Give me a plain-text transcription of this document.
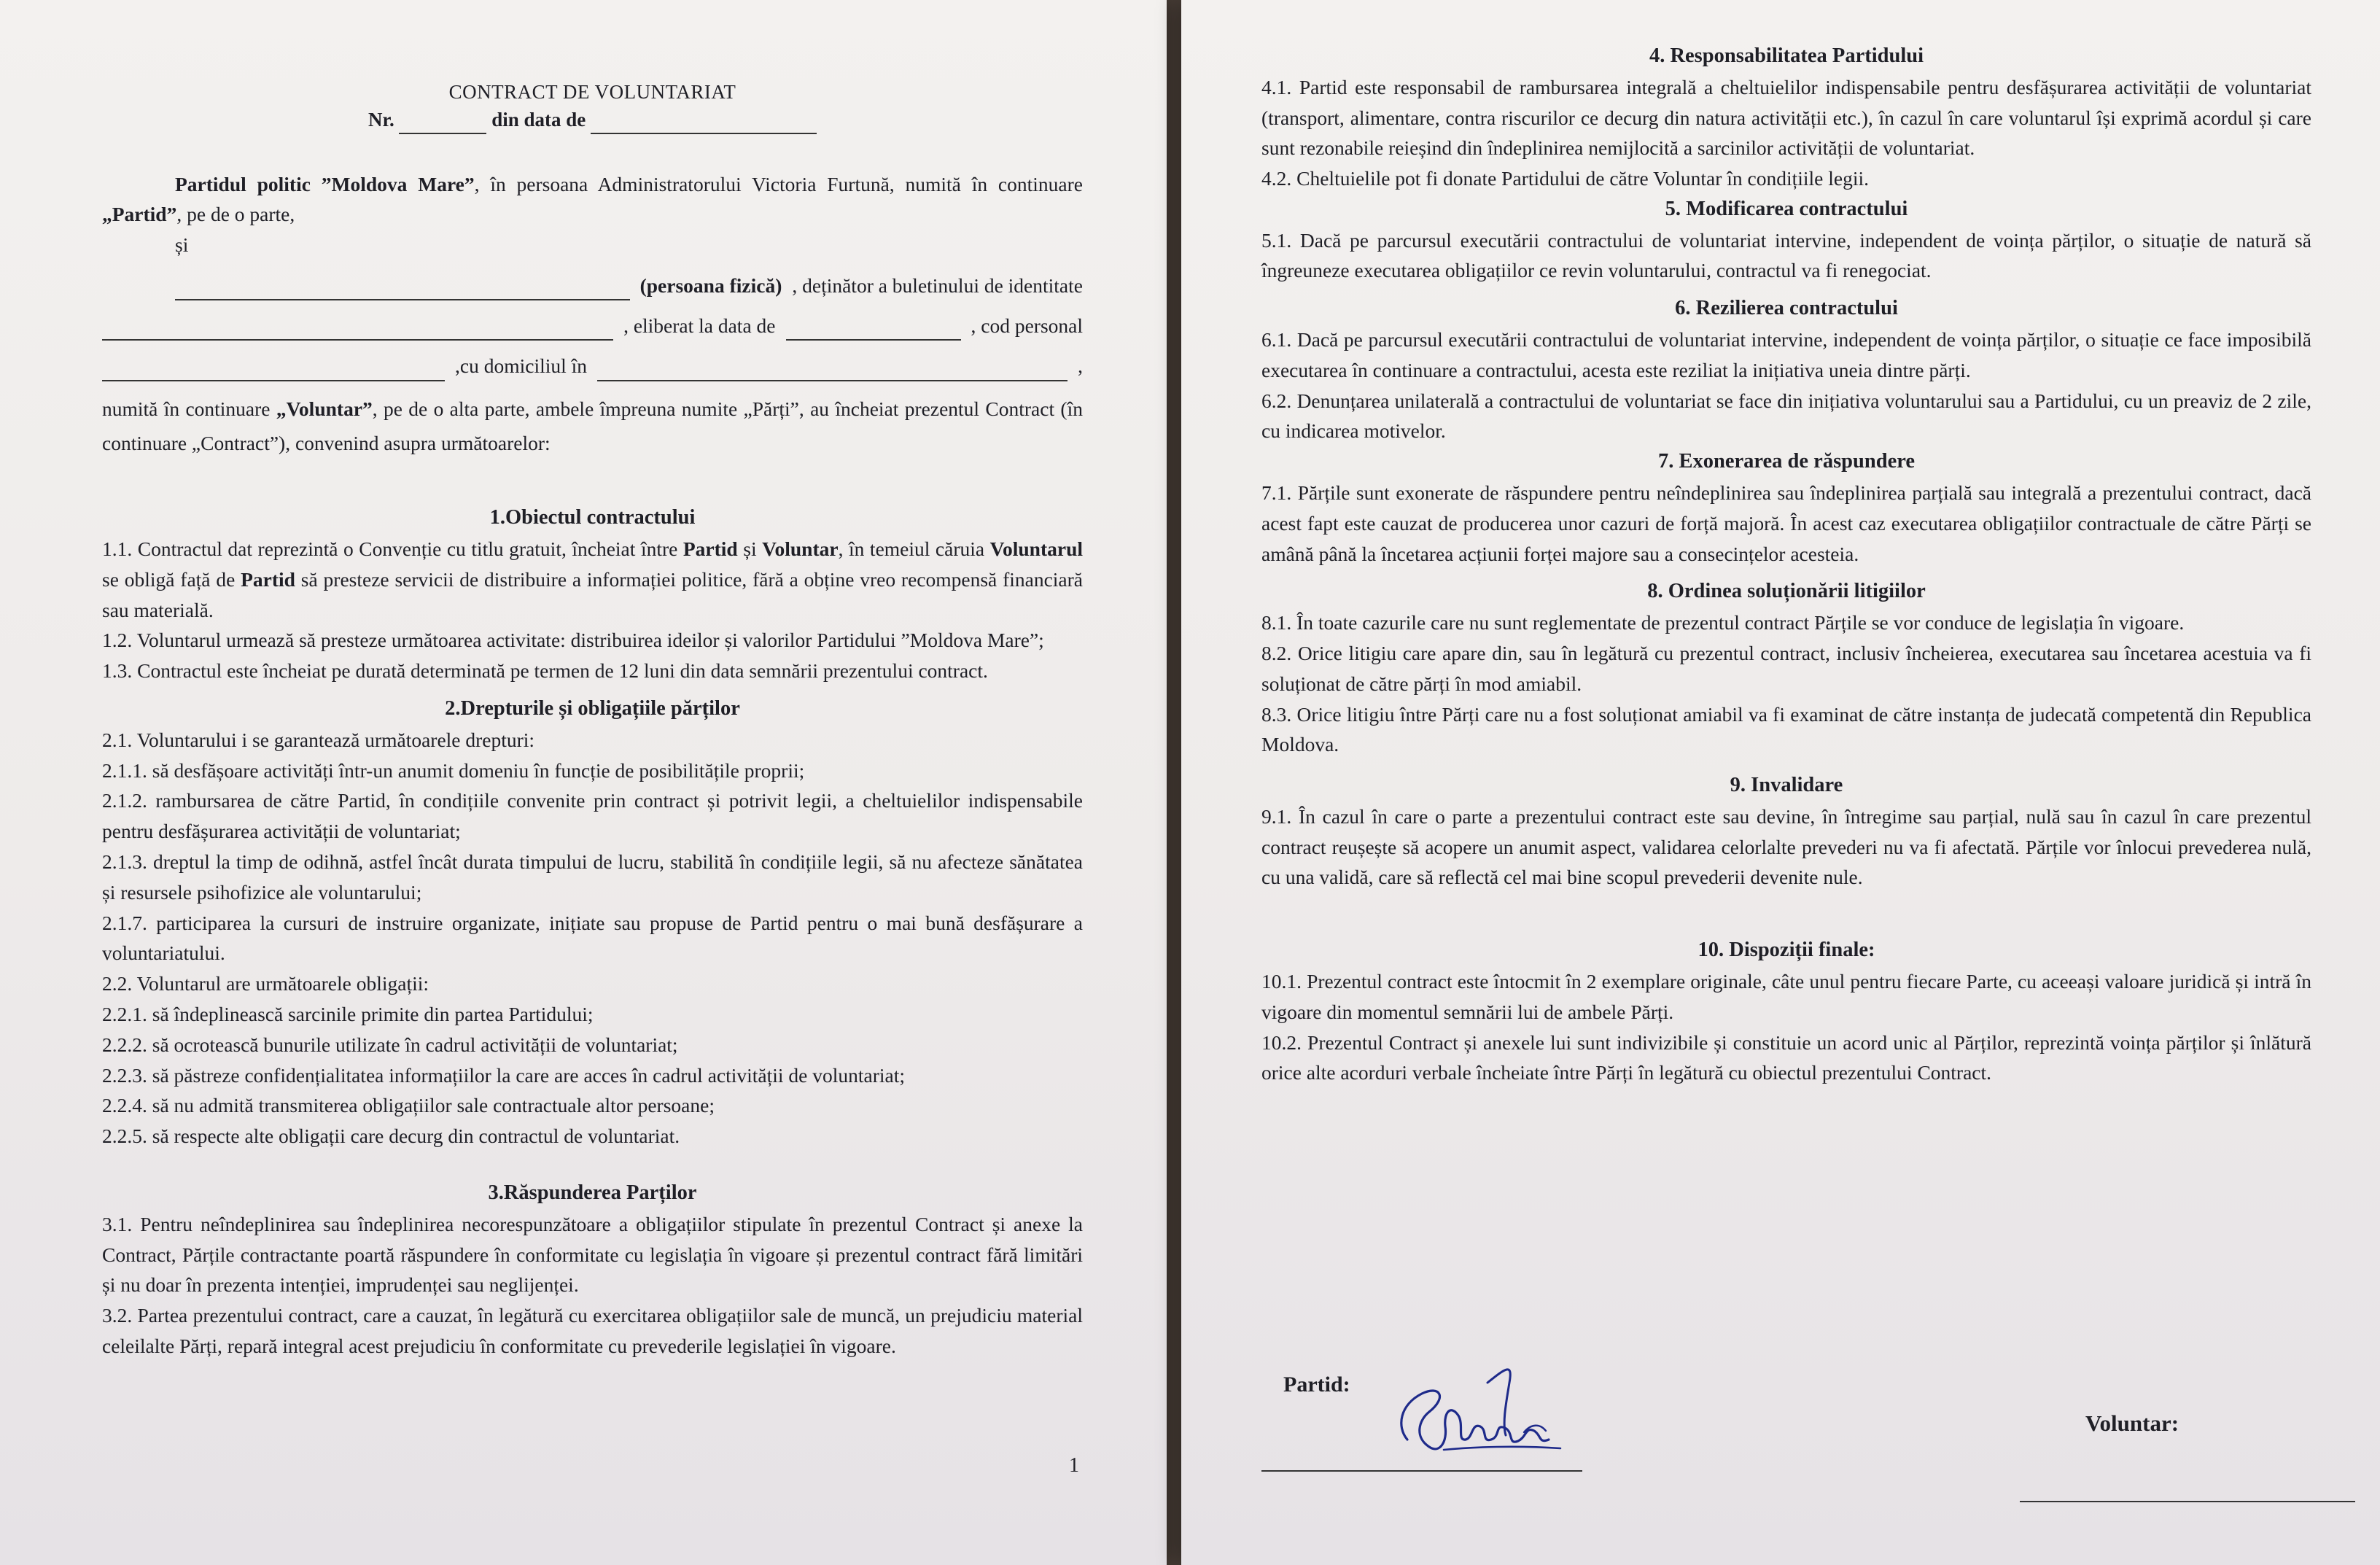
CONTRACT DE VOLUNTARIAT
Nr.	din data de

Partidul politic ”Moldova Mare”, în persoana Administratorului Victoria Furtună, numită în continuare „Partid”, pe de o parte,

și

(persoana fizică) , deținător a buletinului de identitate
, eliberat la data de	, cod personal
,cu domiciliul în	,

numită în continuare „Voluntar”, pe de o alta parte, ambele împreuna numite „Părți”, au încheiat prezentul Contract (în continuare „Contract”), convenind asupra următoarelor:

1.Obiectul contractului

1.1. Contractul dat reprezintă o Convenție cu titlu gratuit, încheiat între Partid și Voluntar, în temeiul căruia Voluntarul se obligă față de Partid să presteze servicii de distribuire a informației politice, fără a obține vreo recompensă financiară sau materială.

1.2. Voluntarul urmează să presteze următoarea activitate: distribuirea ideilor și valorilor Partidului ”Moldova Mare”;

1.3. Contractul este încheiat pe durată determinată pe termen de 12 luni din data semnării prezentului contract.

2.Drepturile și obligațiile părților

2.1. Voluntarului i se garantează următoarele drepturi:

2.1.1. să desfășoare activități într-un anumit domeniu în funcție de posibilitățile proprii;

2.1.2. rambursarea de către Partid, în condițiile convenite prin contract și potrivit legii, a cheltuielilor indispensabile pentru desfășurarea activității de voluntariat;

2.1.3. dreptul la timp de odihnă, astfel încât durata timpului de lucru, stabilită în condițiile legii, să nu afecteze sănătatea și resursele psihofizice ale voluntarului;

2.1.7. participarea la cursuri de instruire organizate, inițiate sau propuse de Partid pentru o mai bună desfășurare a voluntariatului.

2.2. Voluntarul are următoarele obligații:

2.2.1. să îndeplinească sarcinile primite din partea Partidului;

2.2.2. să ocrotească bunurile utilizate în cadrul activității de voluntariat;

2.2.3. să păstreze confidențialitatea informațiilor la care are acces în cadrul activității de voluntariat;

2.2.4. să nu admită transmiterea obligațiilor sale contractuale altor persoane;

2.2.5. să respecte alte obligații care decurg din contractul de voluntariat.

3.Răspunderea Parților

3.1. Pentru neîndeplinirea sau îndeplinirea necorespunzătoare a obligațiilor stipulate în prezentul Contract și anexe la Contract, Părțile contractante poartă răspundere în conformitate cu legislația în vigoare și prezentul contract fără limitări și nu doar în prezenta intenției, imprudenței sau neglijenței.

3.2. Partea prezentului contract, care a cauzat, în legătură cu exercitarea obligațiilor sale de muncă, un prejudiciu material celeilalte Părți, repară integral acest prejudiciu în conformitate cu prevederile legislației în vigoare.

1
4. Responsabilitatea Partidului

4.1. Partid este responsabil de rambursarea integrală a cheltuielilor indispensabile pentru desfășurarea activității de voluntariat (transport, alimentare, contra riscurilor ce decurg din natura activității etc.), în cazul în care voluntarul își exprimă acordul și care sunt rezonabile reieșind din îndeplinirea nemijlocită a sarcinilor activității de voluntariat.

4.2. Cheltuielile pot fi donate Partidului de către Voluntar în condițiile legii.

5. Modificarea contractului

5.1. Dacă pe parcursul executării contractului de voluntariat intervine, independent de voința părților, o situație de natură să îngreuneze executarea obligațiilor ce revin voluntarului, contractul va fi renegociat.

6. Rezilierea contractului

6.1. Dacă pe parcursul executării contractului de voluntariat intervine, independent de voința părților, o situație ce face imposibilă executarea în continuare a contractului, acesta este reziliat la inițiativa uneia dintre părți.

6.2. Denunțarea unilaterală a contractului de voluntariat se face din inițiativa voluntarului sau a Partidului, cu un preaviz de 2 zile, cu indicarea motivelor.

7. Exonerarea de răspundere

7.1. Părțile sunt exonerate de răspundere pentru neîndeplinirea sau îndeplinirea parțială sau integrală a prezentului contract, dacă acest fapt este cauzat de producerea unor cazuri de forță majoră. În acest caz executarea obligațiilor contractuale de către Părți se amână până la încetarea acțiunii forței majore sau a consecințelor acesteia.

8. Ordinea soluționării litigiilor

8.1. În toate cazurile care nu sunt reglementate de prezentul contract Părțile se vor conduce de legislația în vigoare.

8.2. Orice litigiu care apare din, sau în legătură cu prezentul contract, inclusiv încheierea, executarea sau încetarea acestuia va fi soluționat de către părți în mod amiabil.

8.3. Orice litigiu între Părți care nu a fost soluționat amiabil va fi examinat de către instanța de judecată competentă din Republica Moldova.

9. Invalidare

9.1. În cazul în care o parte a prezentului contract este sau devine, în întregime sau parțial, nulă sau în cazul în care prezentul contract reușește să acopere un anumit aspect, validarea celorlalte prevederi nu va fi afectată. Părțile vor înlocui prevederea nulă, cu una validă, care să reflectă cel mai bine scopul prevederii devenite nule.

10. Dispoziții finale:

10.1. Prezentul contract este întocmit în 2 exemplare originale, câte unul pentru fiecare Parte, cu aceeași valoare juridică și intră în vigoare din momentul semnării lui de ambele Părți.

10.2. Prezentul Contract și anexele lui sunt indivizibile și constituie un acord unic al Părților, reprezintă voința părților și înlătură orice alte acorduri verbale încheiate între Părți în legătură cu obiectul prezentului Contract.

Partid:
Voluntar:
